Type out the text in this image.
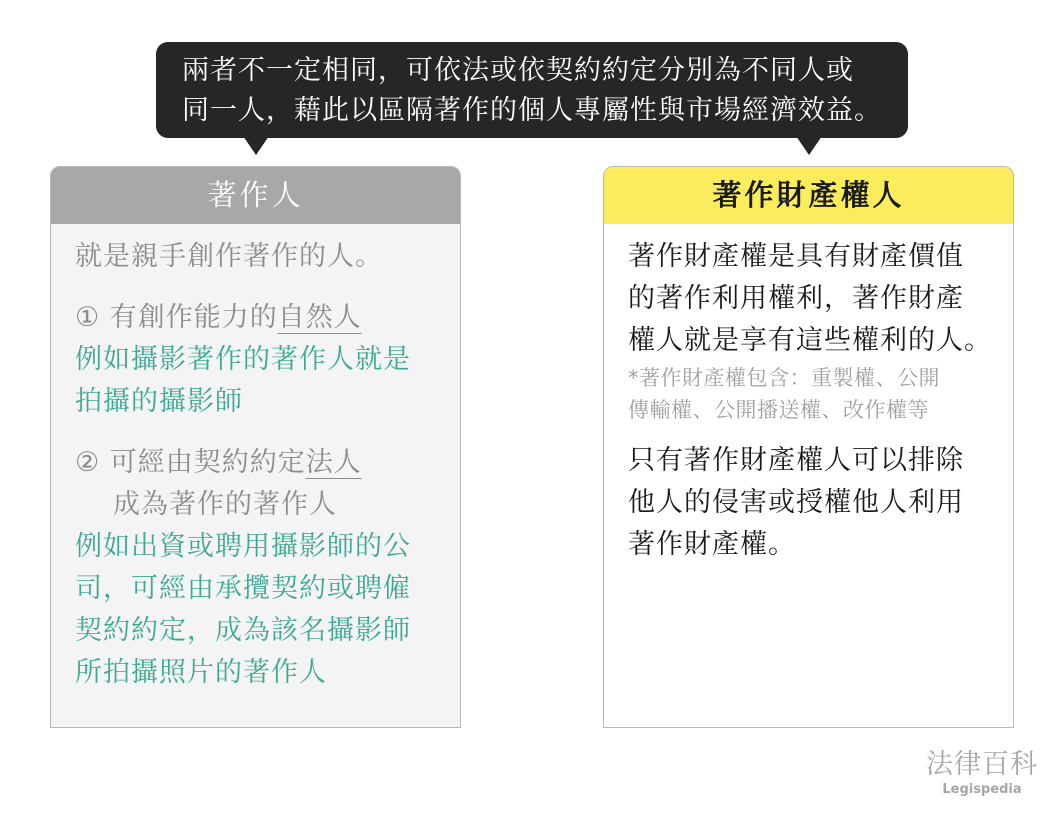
兩者不一定相同，可依法或依契約約定分別為不同人或
同一人，藉此以區隔著作的個人專屬性與市場經濟效益。
著作人
就是親手創作著作的人。
① 有創作能力的自然人
例如攝影著作的著作人就是
拍攝的攝影師
② 可經由契約約定法人
成為著作的著作人
例如出資或聘用攝影師的公
司，可經由承攬契約或聘僱
契約約定，成為該名攝影師
所拍攝照片的著作人
著作財產權人
著作財產權是具有財產價值
的著作利用權利，著作財產
權人就是享有這些權利的人。
*著作財產權包含：重製權、公開
傳輸權、公開播送權、改作權等
只有著作財產權人可以排除
他人的侵害或授權他人利用
著作財產權。
法律百科
Legispedia
